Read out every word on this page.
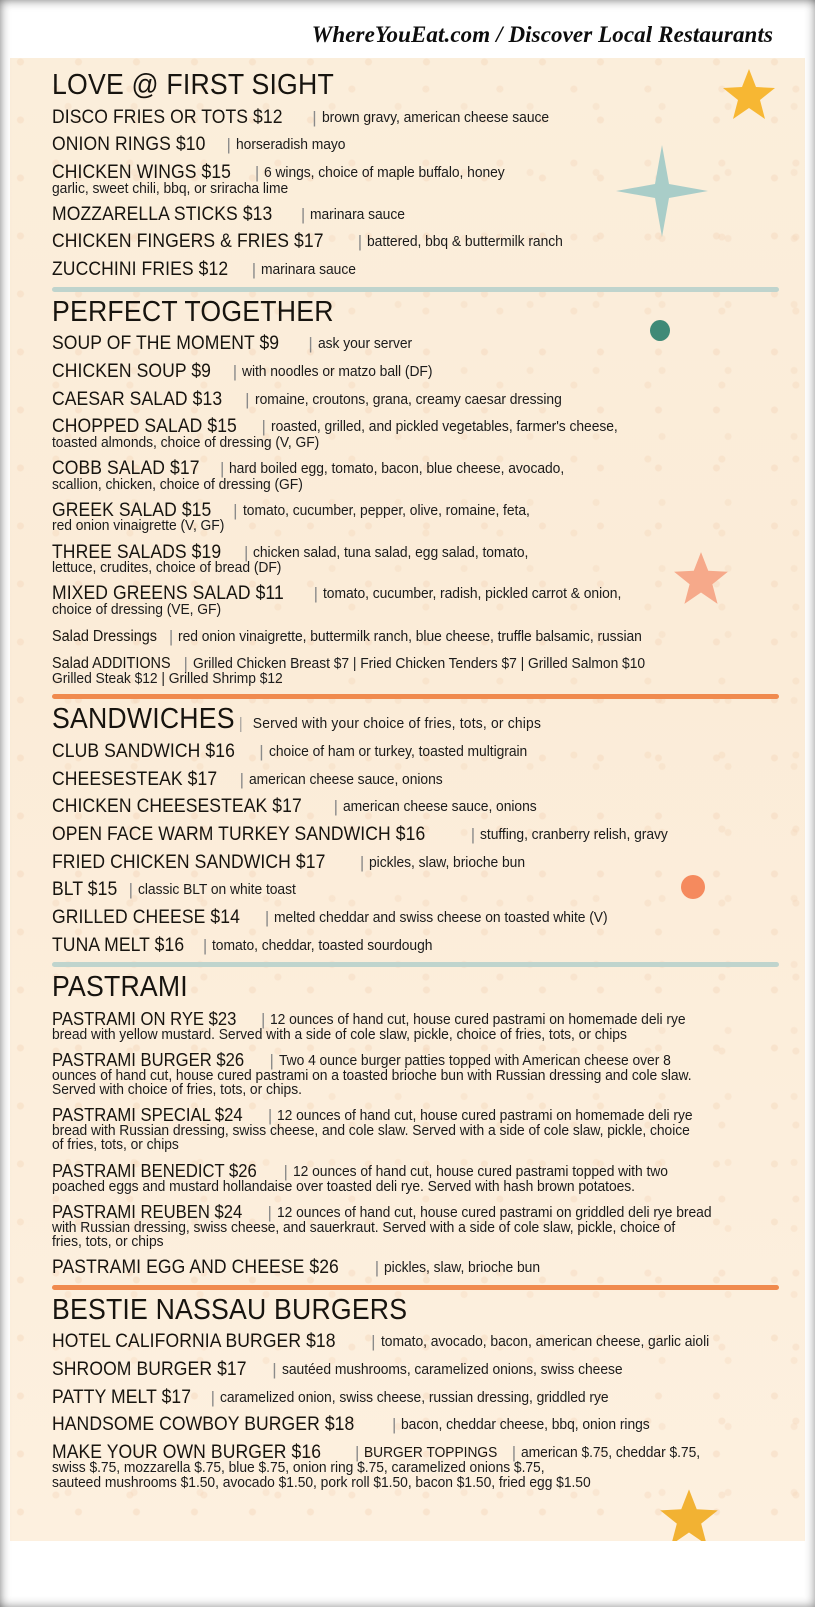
WhereYouEat.com / Discover Local Restaurants
LOVE @ FIRST SIGHT
DISCO FRIES OR TOTS $12 | brown gravy, american cheese sauce
ONION RINGS $10 | horseradish mayo
CHICKEN WINGS $15 | 6 wings, choice of maple buffalo, honey
garlic, sweet chili, bbq, or sriracha lime
MOZZARELLA STICKS $13 | marinara sauce
CHICKEN FINGERS & FRIES $17 | battered, bbq & buttermilk ranch
ZUCCHINI FRIES $12 | marinara sauce
PERFECT TOGETHER
SOUP OF THE MOMENT $9 | ask your server
CHICKEN SOUP $9 | with noodles or matzo ball (DF)
CAESAR SALAD $13 | romaine, croutons, grana, creamy caesar dressing
CHOPPED SALAD $15 | roasted, grilled, and pickled vegetables, farmer's cheese,
toasted almonds, choice of dressing (V, GF)
COBB SALAD $17 | hard boiled egg, tomato, bacon, blue cheese, avocado,
scallion, chicken, choice of dressing (GF)
GREEK SALAD $15 | tomato, cucumber, pepper, olive, romaine, feta,
red onion vinaigrette (V, GF)
THREE SALADS $19 | chicken salad, tuna salad, egg salad, tomato,
lettuce, crudites, choice of bread (DF)
MIXED GREENS SALAD $11 | tomato, cucumber, radish, pickled carrot & onion,
choice of dressing (VE, GF)
Salad Dressings | red onion vinaigrette, buttermilk ranch, blue cheese, truffle balsamic, russian
Salad ADDITIONS | Grilled Chicken Breast $7 | Fried Chicken Tenders $7 | Grilled Salmon $10
Grilled Steak $12 | Grilled Shrimp $12
SANDWICHES	Served with your choice of fries, tots, or chips
CLUB SANDWICH $16 | choice of ham or turkey, toasted multigrain
CHEESESTEAK $17 | american cheese sauce, onions
CHICKEN CHEESESTEAK $17 | american cheese sauce, onions
OPEN FACE WARM TURKEY SANDWICH $16	| stuffing, cranberry relish, gravy
FRIED CHICKEN SANDWICH $17 | pickles, slaw, brioche bun
BLT $15 | classic BLT on white toast
GRILLED CHEESE $14 | melted cheddar and swiss cheese on toasted white (V)
TUNA MELT $16 | tomato, cheddar, toasted sourdough
PASTRAMI
PASTRAMI ON RYE $23 | 12 ounces of hand cut, house cured pastrami on homemade deli rye
bread with yellow mustard. Served with a side of cole slaw, pickle, choice of fries, tots, or chips
PASTRAMI BURGER $26 | Two 4 ounce burger patties topped with American cheese over 8
ounces of hand cut, house cured pastrami on a toasted brioche bun with Russian dressing and cole slaw.
Served with choice of fries, tots, or chips.
PASTRAMI SPECIAL $24 | 12 ounces of hand cut, house cured pastrami on homemade deli rye
bread with Russian dressing, swiss cheese, and cole slaw. Served with a side of cole slaw, pickle, choice
of fries, tots, or chips
PASTRAMI BENEDICT $26 | 12 ounces of hand cut, house cured pastrami topped with two
poached eggs and mustard hollandaise over toasted deli rye. Served with hash brown potatoes.
PASTRAMI REUBEN $24 | 12 ounces of hand cut, house cured pastrami on griddled deli rye bread
with Russian dressing, swiss cheese, and sauerkraut. Served with a side of cole slaw, pickle, choice of
fries, tots, or chips
PASTRAMI EGG AND CHEESE $26 | pickles, slaw, brioche bun
BESTIE NASSAU BURGERS
HOTEL CALIFORNIA BURGER $18 | tomato, avocado, bacon, american cheese, garlic aioli
SHROOM BURGER $17 | sautéed mushrooms, caramelized onions, swiss cheese
PATTY MELT $17 | caramelized onion, swiss cheese, russian dressing, griddled rye
HANDSOME COWBOY BURGER $18 | bacon, cheddar cheese, bbq, onion rings
MAKE YOUR OWN BURGER $16 | BURGER TOPPINGS | american $.75, cheddar $.75,
swiss $.75, mozzarella $.75, blue $.75, onion ring $.75, caramelized onions $.75,
sauteed mushrooms $1.50, avocado $1.50, pork roll $1.50, bacon $1.50, fried egg $1.50
